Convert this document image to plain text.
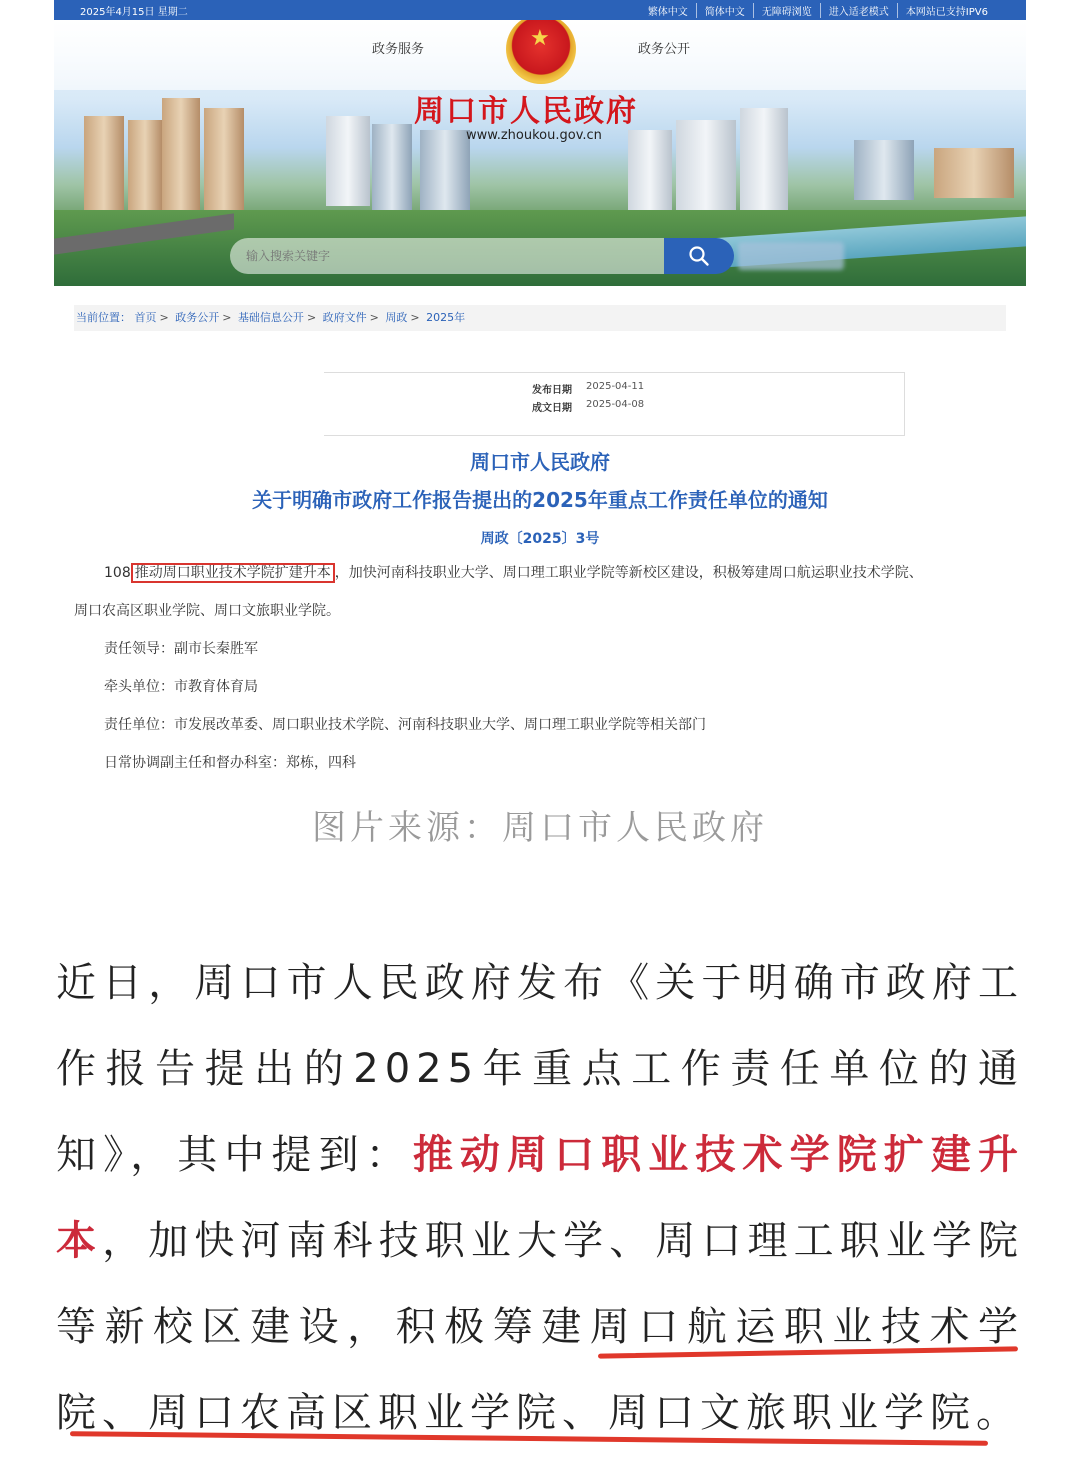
2025年4月15日 星期二	繁体中文	简体中文	无障碍浏览	进入适老模式	本网站已支持IPV6
政务服务	政务公开
★
周口市人民政府
www.zhoukou.gov.cn
输入搜索关键字
当前位置： 首页 > 政务公开 > 基础信息公开 > 政府文件 > 周政 > 2025年
发布日期	2025-04-11
成文日期	2025-04-08
周口市人民政府
关于明确市政府工作报告提出的2025年重点工作责任单位的通知
周政〔2025〕3号
108 推动周口职业技术学院扩建升本 ，加快河南科技职业大学、周口理工职业学院等新校区建设，积极筹建周口航运职业技术学院、
周口农高区职业学院、周口文旅职业学院。
责任领导：副市长秦胜军
牵头单位：市教育体育局
责任单位：市发展改革委、周口职业技术学院、河南科技职业大学、周口理工职业学院等相关部门
日常协调副主任和督办科室：郑栋，四科
图片来源：周口市人民政府
近日，周口市人民政府发布《关于明确市政府工作报告提出的2025年重点工作责任单位的通知》，其中提到：推动周口职业技术学院扩建升本，加快河南科技职业大学、周口理工职业学院等新校区建设，积极筹建周口航运职业技术学院、周口农高区职业学院、周口文旅职业学院。
